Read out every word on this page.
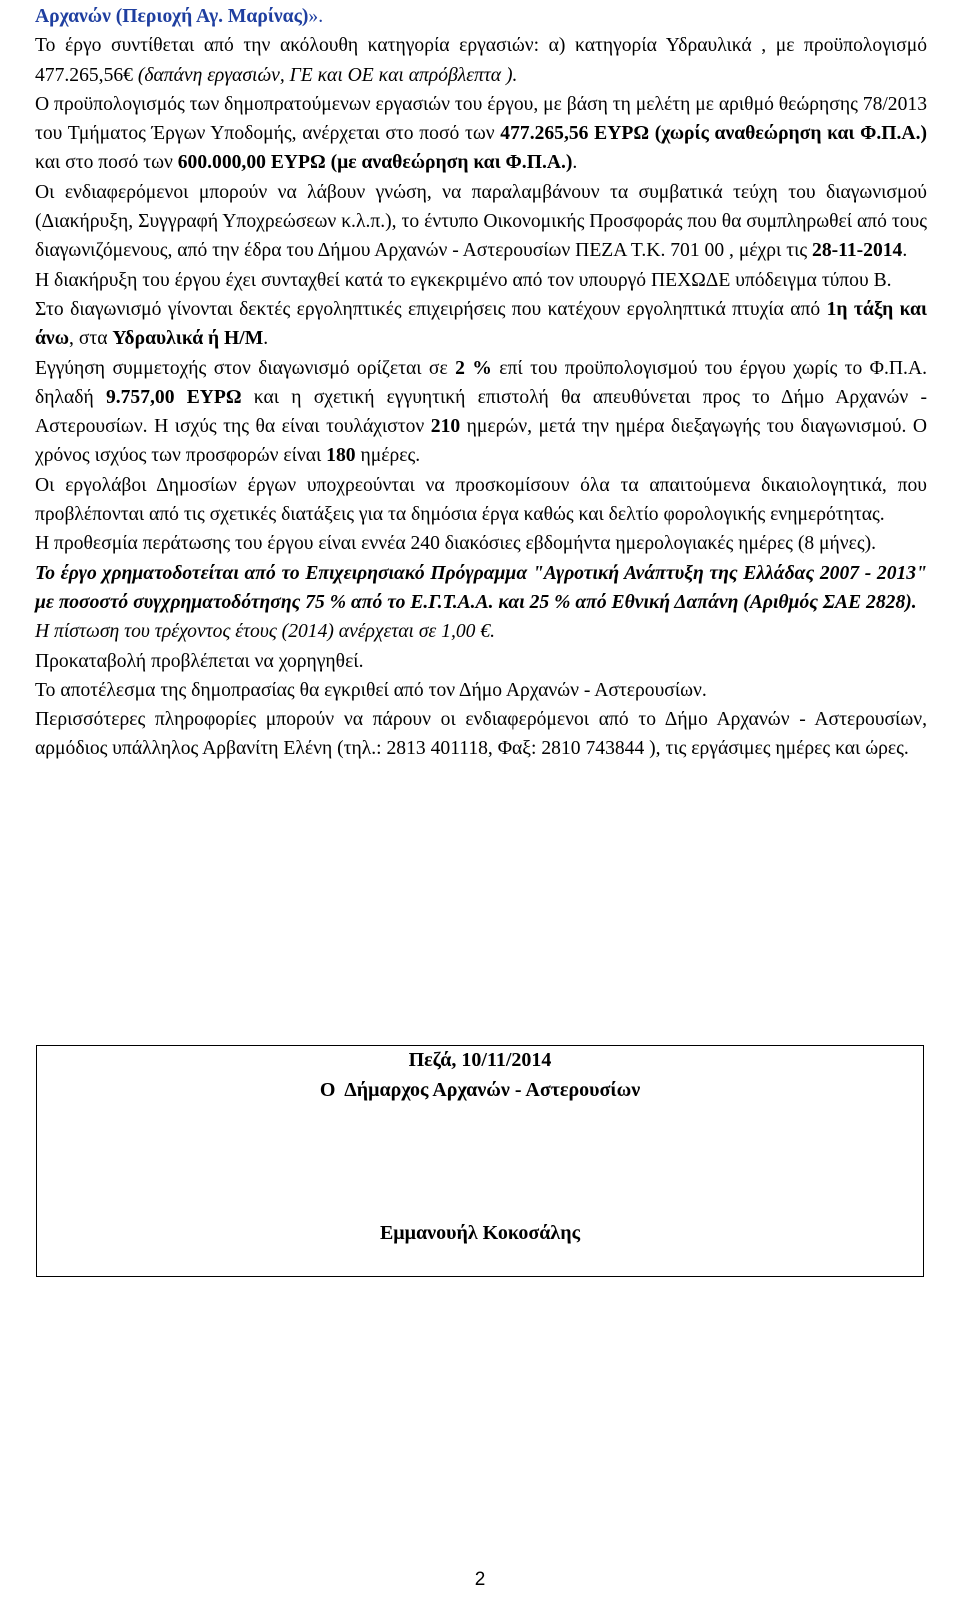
Αρχανών (Περιοχή Αγ. Μαρίνας)».

Το έργο συντίθεται από την ακόλουθη κατηγορία εργασιών: α) κατηγορία Υδραυλικά , με προϋπολογισμό 477.265,56€ (δαπάνη εργασιών, ΓΕ και ΟΕ και απρόβλεπτα ).

Ο προϋπολογισμός των δημοπρατούμενων εργασιών του έργου, με βάση τη μελέτη με αριθμό θεώρησης 78/2013 του Τμήματος Έργων Υποδομής, ανέρχεται στο ποσό των 477.265,56 ΕΥΡΩ (χωρίς αναθεώρηση και Φ.Π.Α.) και στο ποσό των 600.000,00 ΕΥΡΩ (με αναθεώρηση και Φ.Π.Α.).

Οι ενδιαφερόμενοι μπορούν να λάβουν γνώση, να παραλαμβάνουν τα συμβατικά τεύχη του διαγωνισμού (Διακήρυξη, Συγγραφή Υποχρεώσεων κ.λ.π.), το έντυπο Οικονομικής Προσφοράς που θα συμπληρωθεί από τους διαγωνιζόμενους, από την έδρα του Δήμου Αρχανών - Αστερουσίων ΠΕΖΑ Τ.Κ. 701 00 , μέχρι τις 28-11-2014.

Η διακήρυξη του έργου έχει συνταχθεί κατά το εγκεκριμένο από τον υπουργό ΠΕΧΩΔΕ υπόδειγμα τύπου Β.

Στο διαγωνισμό γίνονται δεκτές εργοληπτικές επιχειρήσεις που κατέχουν εργοληπτικά πτυχία από 1η τάξη και άνω, στα Υδραυλικά ή Η/Μ.

Εγγύηση συμμετοχής στον διαγωνισμό ορίζεται σε 2 % επί του προϋπολογισμού του έργου χωρίς το Φ.Π.Α. δηλαδή 9.757,00 ΕΥΡΩ και η σχετική εγγυητική επιστολή θα απευθύνεται προς το Δήμο Αρχανών - Αστερουσίων. Η ισχύς της θα είναι τουλάχιστον 210 ημερών, μετά την ημέρα διεξαγωγής του διαγωνισμού. Ο χρόνος ισχύος των προσφορών είναι 180 ημέρες.

Οι εργολάβοι Δημοσίων έργων υποχρεούνται να προσκομίσουν όλα τα απαιτούμενα δικαιολογητικά, που προβλέπονται από τις σχετικές διατάξεις για τα δημόσια έργα καθώς και δελτίο φορολογικής ενημερότητας.

Η προθεσμία περάτωσης του έργου είναι εννέα 240 διακόσιες εβδομήντα ημερολογιακές ημέρες (8 μήνες).

Το έργο χρηματοδοτείται από το Επιχειρησιακό Πρόγραμμα "Αγροτική Ανάπτυξη της Ελλάδας 2007 - 2013" με ποσοστό συγχρηματοδότησης 75 % από το Ε.Γ.Τ.Α.Α. και 25 % από Εθνική Δαπάνη (Αριθμός ΣΑΕ 2828).

Η πίστωση του τρέχοντος έτους (2014) ανέρχεται σε 1,00 €.

Προκαταβολή προβλέπεται να χορηγηθεί.

Το αποτέλεσμα της δημοπρασίας θα εγκριθεί από τον Δήμο Αρχανών - Αστερουσίων.

Περισσότερες πληροφορίες μπορούν να πάρουν οι ενδιαφερόμενοι από το Δήμο Αρχανών - Αστερουσίων, αρμόδιος υπάλληλος Αρβανίτη Ελένη (τηλ.: 2813 401118, Φαξ: 2810 743844 ), τις εργάσιμες ημέρες και ώρες.

Πεζά, 10/11/2014
Ο  Δήμαρχος Αρχανών - Αστερουσίων
Εμμανουήλ Κοκοσάλης
2
